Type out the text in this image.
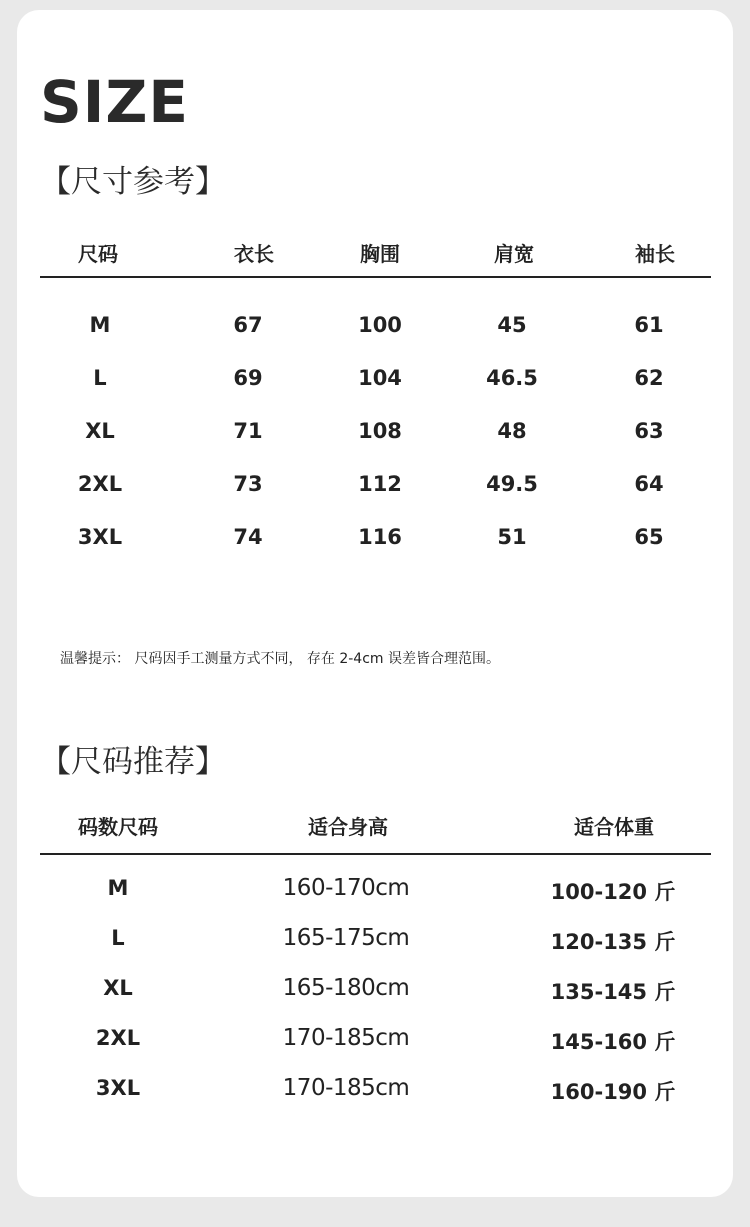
SIZE
【尺寸参考】
尺码	衣长	胸围	肩宽	袖长
M	67	100	45	61
L	69	104	46.5	62
XL	71	108	48	63
2XL	73	112	49.5	64
3XL	74	116	51	65
温馨提示： 尺码因手工测量方式不同， 存在 2-4cm 误差皆合理范围。
【尺码推荐】
码数尺码	适合身高	适合体重
M	160-170cm	100-120 斤
L	165-175cm	120-135 斤
XL	165-180cm	135-145 斤
2XL	170-185cm	145-160 斤
3XL	170-185cm	160-190 斤
